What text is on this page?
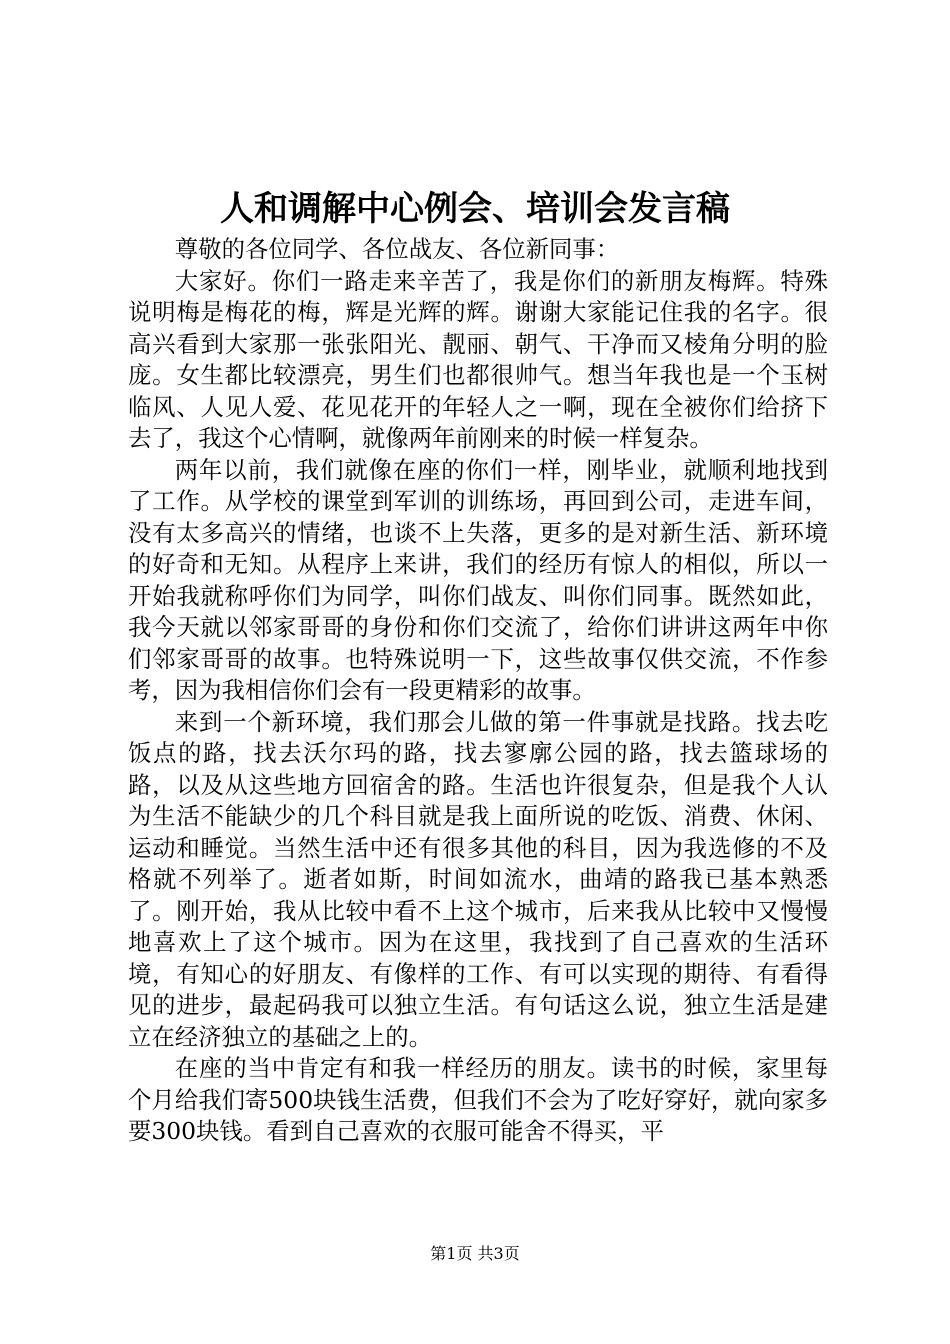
人和调解中心例会、培训会发言稿

尊敬的各位同学、各位战友、各位新同事：

大家好。你们一路走来辛苦了，我是你们的新朋友梅辉。特殊说明梅是梅花的梅，辉是光辉的辉。谢谢大家能记住我的名字。很高兴看到大家那一张张阳光、靓丽、朝气、干净而又棱角分明的脸庞。女生都比较漂亮，男生们也都很帅气。想当年我也是一个玉树临风、人见人爱、花见花开的年轻人之一啊，现在全被你们给挤下去了，我这个心情啊，就像两年前刚来的时候一样复杂。

两年以前，我们就像在座的你们一样，刚毕业，就顺利地找到了工作。从学校的课堂到军训的训练场，再回到公司，走进车间，没有太多高兴的情绪，也谈不上失落，更多的是对新生活、新环境的好奇和无知。从程序上来讲，我们的经历有惊人的相似，所以一开始我就称呼你们为同学，叫你们战友、叫你们同事。既然如此，我今天就以邻家哥哥的身份和你们交流了，给你们讲讲这两年中你们邻家哥哥的故事。也特殊说明一下，这些故事仅供交流，不作参考，因为我相信你们会有一段更精彩的故事。

来到一个新环境，我们那会儿做的第一件事就是找路。找去吃饭点的路，找去沃尔玛的路，找去寥廓公园的路，找去篮球场的路，以及从这些地方回宿舍的路。生活也许很复杂，但是我个人认为生活不能缺少的几个科目就是我上面所说的吃饭、消费、休闲、运动和睡觉。当然生活中还有很多其他的科目，因为我选修的不及格就不列举了。逝者如斯，时间如流水，曲靖的路我已基本熟悉了。刚开始，我从比较中看不上这个城市，后来我从比较中又慢慢地喜欢上了这个城市。因为在这里，我找到了自己喜欢的生活环境，有知心的好朋友、有像样的工作、有可以实现的期待、有看得见的进步，最起码我可以独立生活。有句话这么说，独立生活是建立在经济独立的基础之上的。

在座的当中肯定有和我一样经历的朋友。读书的时候，家里每个月给我们寄500块钱生活费，但我们不会为了吃好穿好，就向家多要300块钱。看到自己喜欢的衣服可能舍不得买，平

第1页 共3页
